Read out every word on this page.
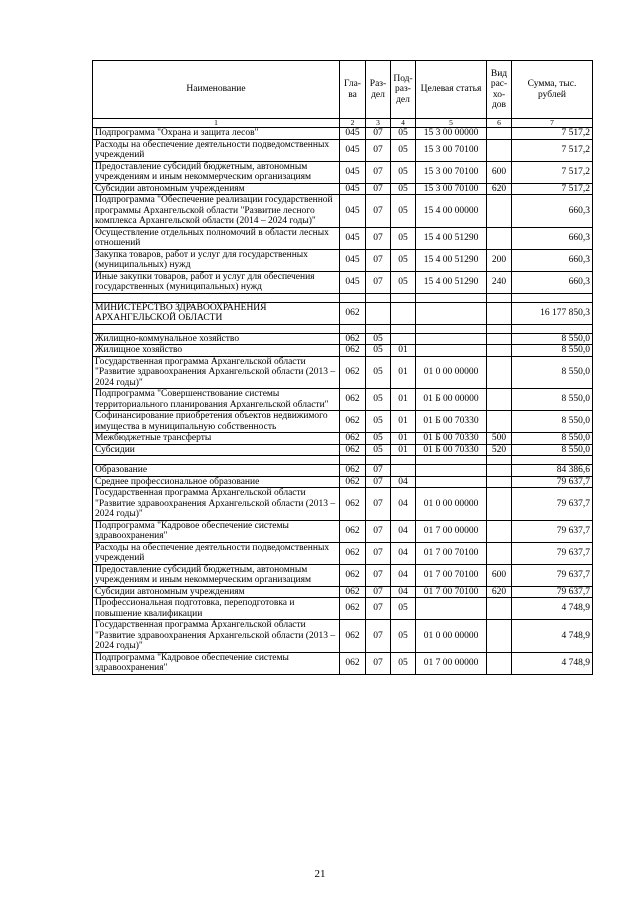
Наименование	Гла-ва	Раз-дел	Под-раз-дел	Целевая статья	Вид рас-хо-дов	Сумма, тыс. рублей
1	2	3	4	5	6	7
Подпрограмма "Охрана и защита лесов"	045	07	05	15 3 00 00000		7 517,2
Расходы на обеспечение деятельности подведомственных учреждений	045	07	05	15 3 00 70100		7 517,2
Предоставление субсидий бюджетным, автономным учреждениям и иным некоммерческим организациям	045	07	05	15 3 00 70100	600	7 517,2
Субсидии автономным учреждениям	045	07	05	15 3 00 70100	620	7 517,2
Подпрограмма "Обеспечение реализации государственной программы Архангельской области "Развитие лесного комплекса Архангельской области (2014 – 2024 годы)"	045	07	05	15 4 00 00000		660,3
Осуществление отдельных полномочий в области лесных отношений	045	07	05	15 4 00 51290		660,3
Закупка товаров, работ и услуг для государственных (муниципальных) нужд	045	07	05	15 4 00 51290	200	660,3
Иные закупки товаров, работ и услуг для обеспечения государственных (муниципальных) нужд	045	07	05	15 4 00 51290	240	660,3

МИНИСТЕРСТВО ЗДРАВООХРАНЕНИЯ АРХАНГЕЛЬСКОЙ ОБЛАСТИ	062					16 177 850,3

Жилищно-коммунальное хозяйство	062	05				8 550,0
Жилищное хозяйство	062	05	01			8 550,0
Государственная программа Архангельской области "Развитие здравоохранения Архангельской области (2013 – 2024 годы)"	062	05	01	01 0 00 00000		8 550,0
Подпрограмма "Совершенствование системы территориального планирования Архангельской области"	062	05	01	01 Б 00 00000		8 550,0
Софинансирование приобретения объектов недвижимого имущества в муниципальную собственность	062	05	01	01 Б 00 70330		8 550,0
Межбюджетные трансферты	062	05	01	01 Б 00 70330	500	8 550,0
Субсидии	062	05	01	01 Б 00 70330	520	8 550,0

Образование	062	07				84 386,6
Среднее профессиональное образование	062	07	04			79 637,7
Государственная программа Архангельской области "Развитие здравоохранения Архангельской области (2013 – 2024 годы)"	062	07	04	01 0 00 00000		79 637,7
Подпрограмма "Кадровое обеспечение системы здравоохранения"	062	07	04	01 7 00 00000		79 637,7
Расходы на обеспечение деятельности подведомственных учреждений	062	07	04	01 7 00 70100		79 637,7
Предоставление субсидий бюджетным, автономным учреждениям и иным некоммерческим организациям	062	07	04	01 7 00 70100	600	79 637,7
Субсидии автономным учреждениям	062	07	04	01 7 00 70100	620	79 637,7
Профессиональная подготовка, переподготовка и повышение квалификации	062	07	05			4 748,9
Государственная программа Архангельской области "Развитие здравоохранения Архангельской области (2013 – 2024 годы)"	062	07	05	01 0 00 00000		4 748,9
Подпрограмма "Кадровое обеспечение системы здравоохранения"	062	07	05	01 7 00 00000		4 748,9
21
